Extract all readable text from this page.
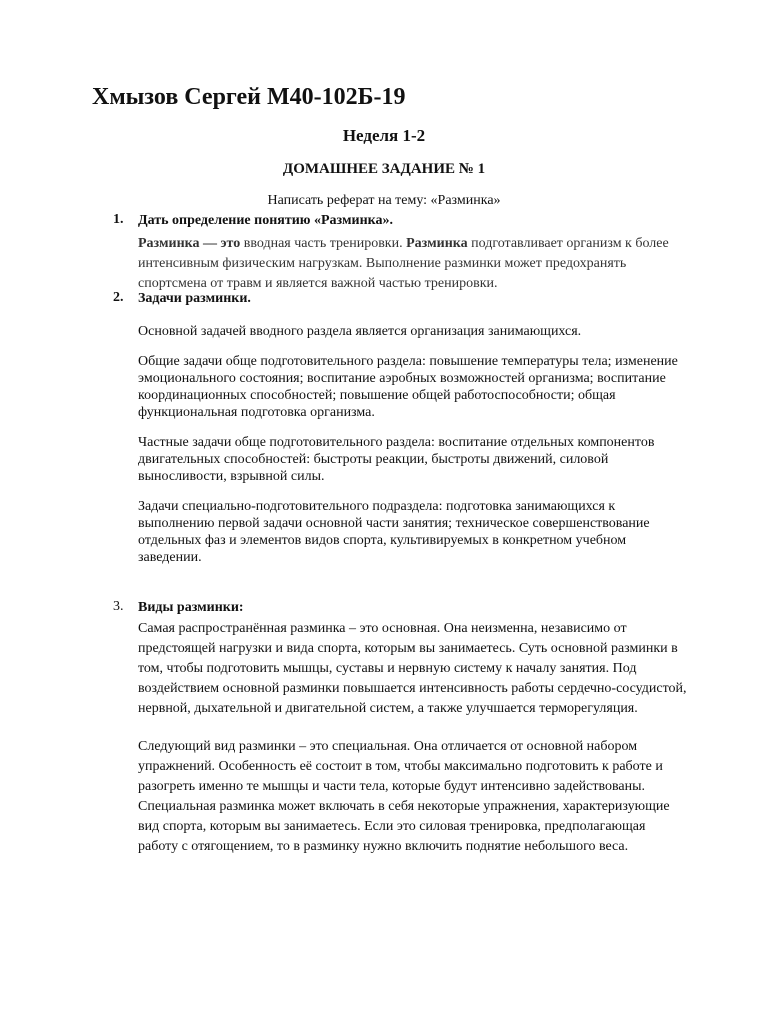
Хмызов Сергей М40-102Б-19
Неделя 1-2
ДОМАШНЕЕ ЗАДАНИЕ № 1
Написать реферат на тему: «Разминка»
1. Дать определение понятию «Разминка».

Разминка — это вводная часть тренировки. Разминка подготавливает организм к более интенсивным физическим нагрузкам. Выполнение разминки может предохранять спортсмена от травм и является важной частью тренировки.

2. Задачи разминки.

Основной задачей вводного раздела является организация занимающихся.

Общие задачи обще подготовительного раздела: повышение температуры тела; изменение эмоционального состояния; воспитание аэробных возможностей организма; воспитание координационных способностей; повышение общей работоспособности; общая функциональная подготовка организма.

Частные задачи обще подготовительного раздела: воспитание отдельных компонентов двигательных способностей: быстроты реакции, быстроты движений, силовой выносливости, взрывной силы.

Задачи специально-подготовительного подраздела: подготовка занимающихся к выполнению первой задачи основной части занятия; техническое совершенствование отдельных фаз и элементов видов спорта, культивируемых в конкретном учебном заведении.

3. Виды разминки:

Самая распространённая разминка – это основная. Она неизменна, независимо от предстоящей нагрузки и вида спорта, которым вы занимаетесь. Суть основной разминки в том, чтобы подготовить мышцы, суставы и нервную систему к началу занятия. Под воздействием основной разминки повышается интенсивность работы сердечно-сосудистой, нервной, дыхательной и двигательной систем, а также улучшается терморегуляция.

Следующий вид разминки – это специальная. Она отличается от основной набором упражнений. Особенность её состоит в том, чтобы максимально подготовить к работе и разогреть именно те мышцы и части тела, которые будут интенсивно задействованы. Специальная разминка может включать в себя некоторые упражнения, характеризующие вид спорта, которым вы занимаетесь. Если это силовая тренировка, предполагающая работу с отягощением, то в разминку нужно включить поднятие небольшого веса.
